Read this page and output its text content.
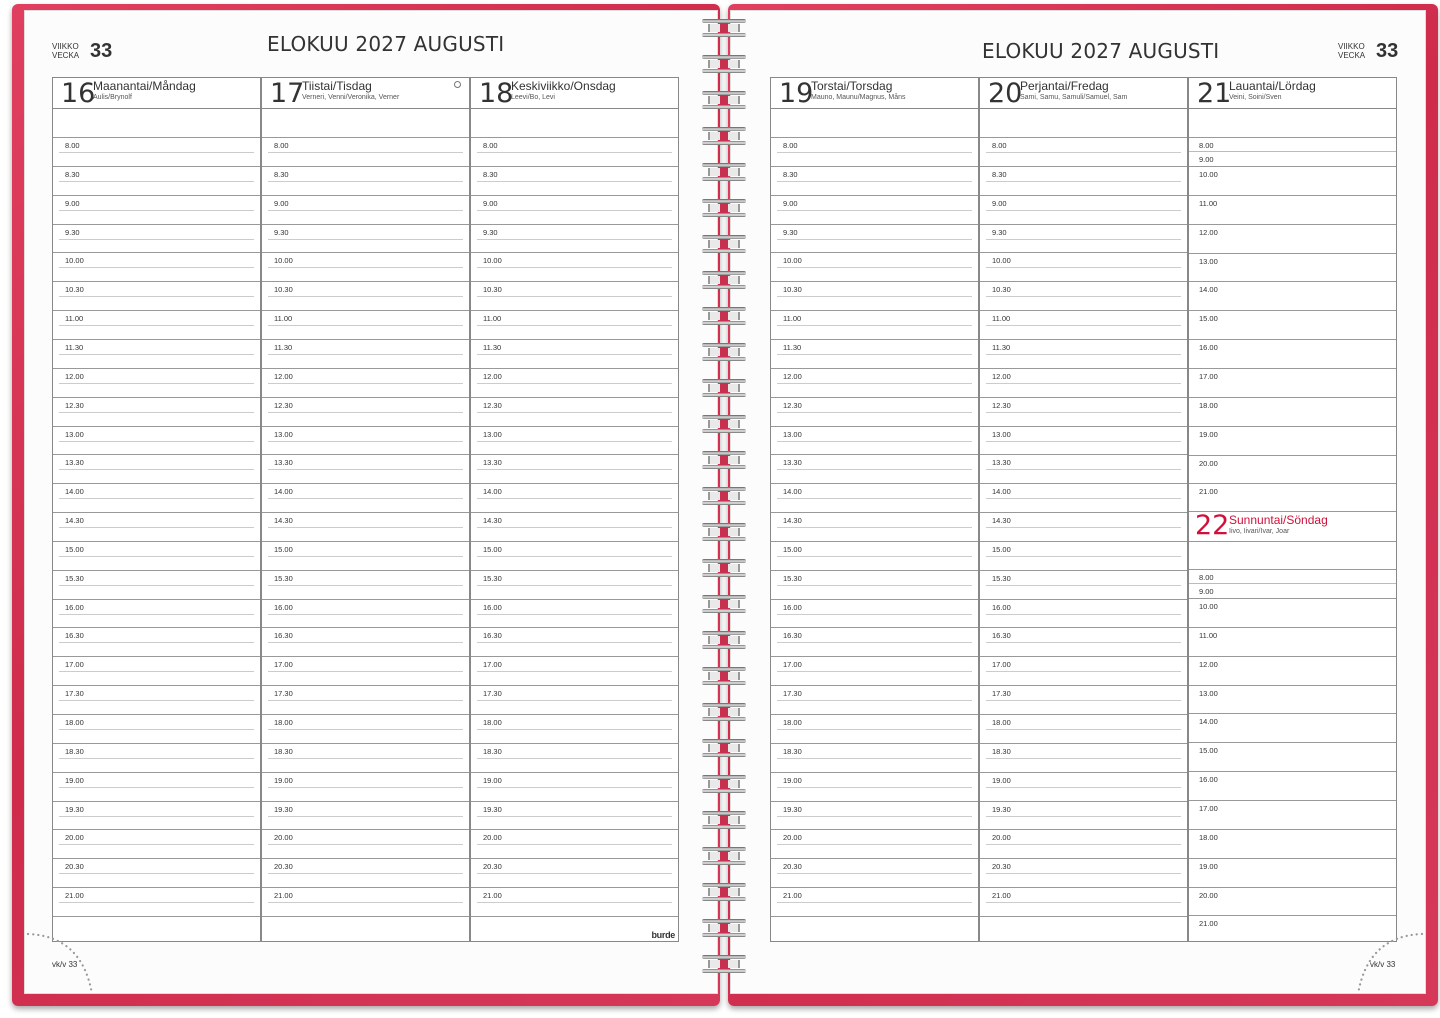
VIIKKO
VECKA 33	ELOKUU 2027 AUGUSTI
16
Maanantai/Måndag
Aulis/Brynolf
8.00
8.30
9.00
9.30
10.00
10.30
11.00
11.30
12.00
12.30
13.00
13.30
14.00
14.30
15.00
15.30
16.00
16.30
17.00
17.30
18.00
18.30
19.00
19.30
20.00
20.30
21.00
17
Tiistai/Tisdag
Verneri, Venni/Veronika, Verner
8.00
8.30
9.00
9.30
10.00
10.30
11.00
11.30
12.00
12.30
13.00
13.30
14.00
14.30
15.00
15.30
16.00
16.30
17.00
17.30
18.00
18.30
19.00
19.30
20.00
20.30
21.00
18
Keskiviikko/Onsdag
Leevi/Bo, Levi
burde
8.00
8.30
9.00
9.30
10.00
10.30
11.00
11.30
12.00
12.30
13.00
13.30
14.00
14.30
15.00
15.30
16.00
16.30
17.00
17.30
18.00
18.30
19.00
19.30
20.00
20.30
21.00
vk/v 33
ELOKUU 2027 AUGUSTI	VIIKKO
VECKA 33
19
Torstai/Torsdag
Mauno, Maunu/Magnus, Måns
8.00
8.30
9.00
9.30
10.00
10.30
11.00
11.30
12.00
12.30
13.00
13.30
14.00
14.30
15.00
15.30
16.00
16.30
17.00
17.30
18.00
18.30
19.00
19.30
20.00
20.30
21.00
20
Perjantai/Fredag
Sami, Samu, Samuli/Samuel, Sam
8.00
8.30
9.00
9.30
10.00
10.30
11.00
11.30
12.00
12.30
13.00
13.30
14.00
14.30
15.00
15.30
16.00
16.30
17.00
17.30
18.00
18.30
19.00
19.30
20.00
20.30
21.00
21
Lauantai/Lördag
Veini, Soini/Sven
22 Sunnuntai/Söndag
Iivo, Iivari/Ivar, Joar
8.00
9.00
10.00
11.00
12.00
13.00
14.00
15.00
16.00
17.00
18.00
19.00
20.00
21.00
8.00
9.00
10.00
11.00
12.00
13.00
14.00
15.00
16.00
17.00
18.00
19.00
20.00
21.00
vk/v 33
